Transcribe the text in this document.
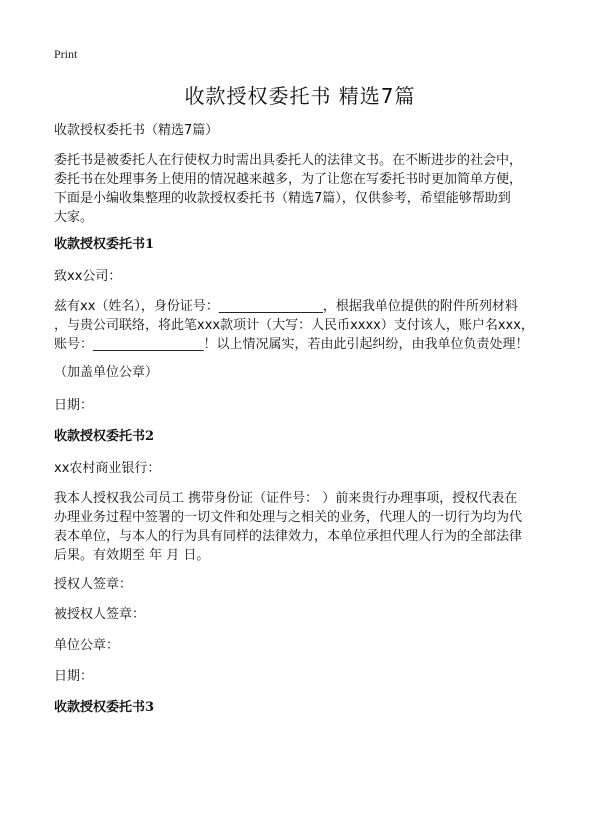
Print
收款授权委托书 精选7篇
收款授权委托书（精选7篇）
委托书是被委托人在行使权力时需出具委托人的法律文书。在不断进步的社会中，
委托书在处理事务上使用的情况越来越多，为了让您在写委托书时更加简单方便，
下面是小编收集整理的收款授权委托书（精选7篇），仅供参考，希望能够帮助到
大家。
收款授权委托书1
致xx公司：
兹有xx（姓名），身份证号：________________，根据我单位提供的附件所列材料
，与贵公司联络，将此笔xxx款项计（大写：人民币xxxx）支付该人，账户名xxx，
账号：_________________！以上情况属实，若由此引起纠纷，由我单位负责处理！
（加盖单位公章）
日期：
收款授权委托书2
xx农村商业银行：
我本人授权我公司员工 携带身份证（证件号： ）前来贵行办理事项，授权代表在
办理业务过程中签署的一切文件和处理与之相关的业务，代理人的一切行为均为代
表本单位，与本人的行为具有同样的法律效力，本单位承担代理人行为的全部法律
后果。有效期至 年 月 日。
授权人签章：
被授权人签章：
单位公章：
日期：
收款授权委托书3
